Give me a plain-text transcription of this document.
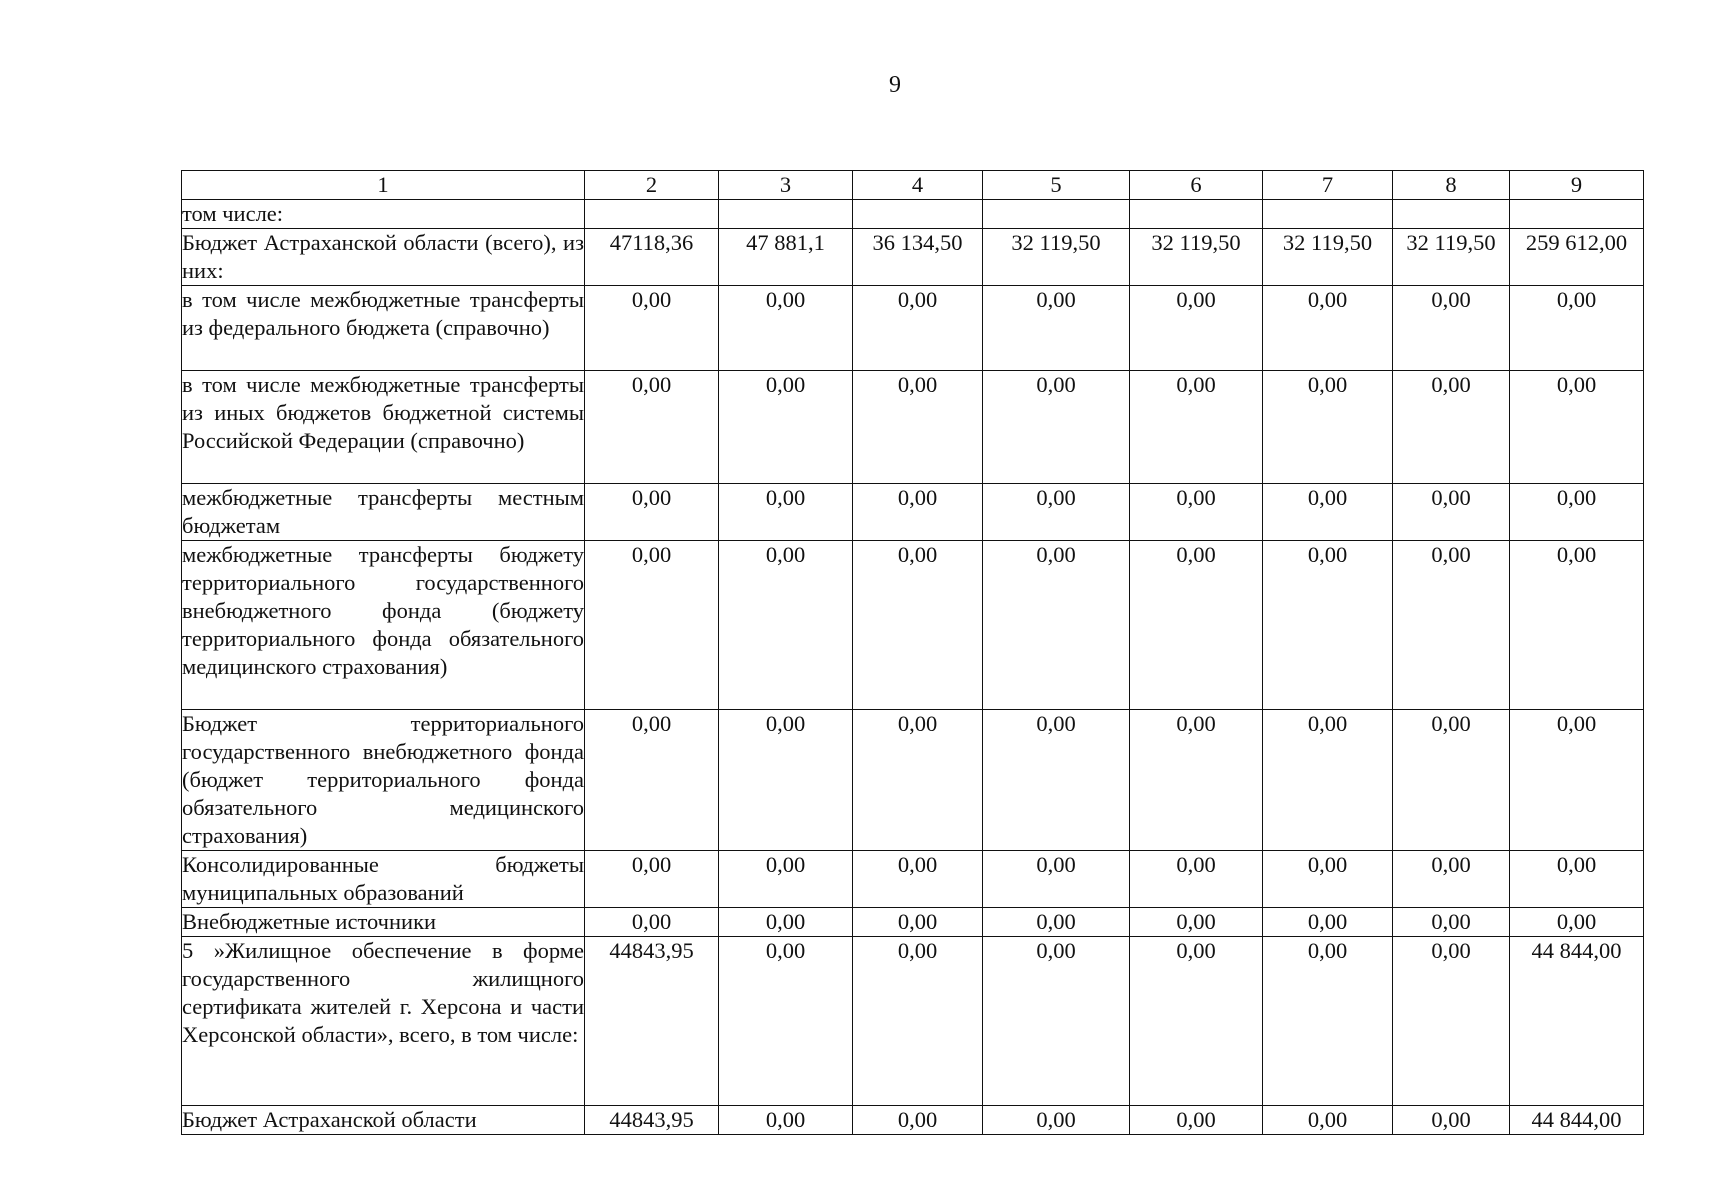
9
1	2	3	4	5	6	7	8	9
том числе:								
Бюджет Астраханской области (всего), из них:	47118,36	47 881,1	36 134,50	32 119,50	32 119,50	32 119,50	32 119,50	259 612,00
в том числе межбюджетные трансферты из федерального бюджета (справочно)	0,00	0,00	0,00	0,00	0,00	0,00	0,00	0,00
в том числе межбюджетные трансферты из иных бюджетов бюджетной системы Российской Федерации (справочно)	0,00	0,00	0,00	0,00	0,00	0,00	0,00	0,00
межбюджетные трансферты местным бюджетам	0,00	0,00	0,00	0,00	0,00	0,00	0,00	0,00
межбюджетные трансферты бюджету территориального государственного внебюджетного фонда (бюджету территориального фонда обязательного медицинского страхования)	0,00	0,00	0,00	0,00	0,00	0,00	0,00	0,00
Бюджет территориального государственного внебюджетного фонда (бюджет территориального фонда обязательного медицинского страхования)	0,00	0,00	0,00	0,00	0,00	0,00	0,00	0,00
Консолидированные бюджеты муниципальных образований	0,00	0,00	0,00	0,00	0,00	0,00	0,00	0,00
Внебюджетные источники	0,00	0,00	0,00	0,00	0,00	0,00	0,00	0,00
5 »Жилищное обеспечение в форме государственного жилищного сертификата жителей г. Херсона и части Херсонской области», всего, в том числе:	44843,95	0,00	0,00	0,00	0,00	0,00	0,00	44 844,00
Бюджет Астраханской области	44843,95	0,00	0,00	0,00	0,00	0,00	0,00	44 844,00
